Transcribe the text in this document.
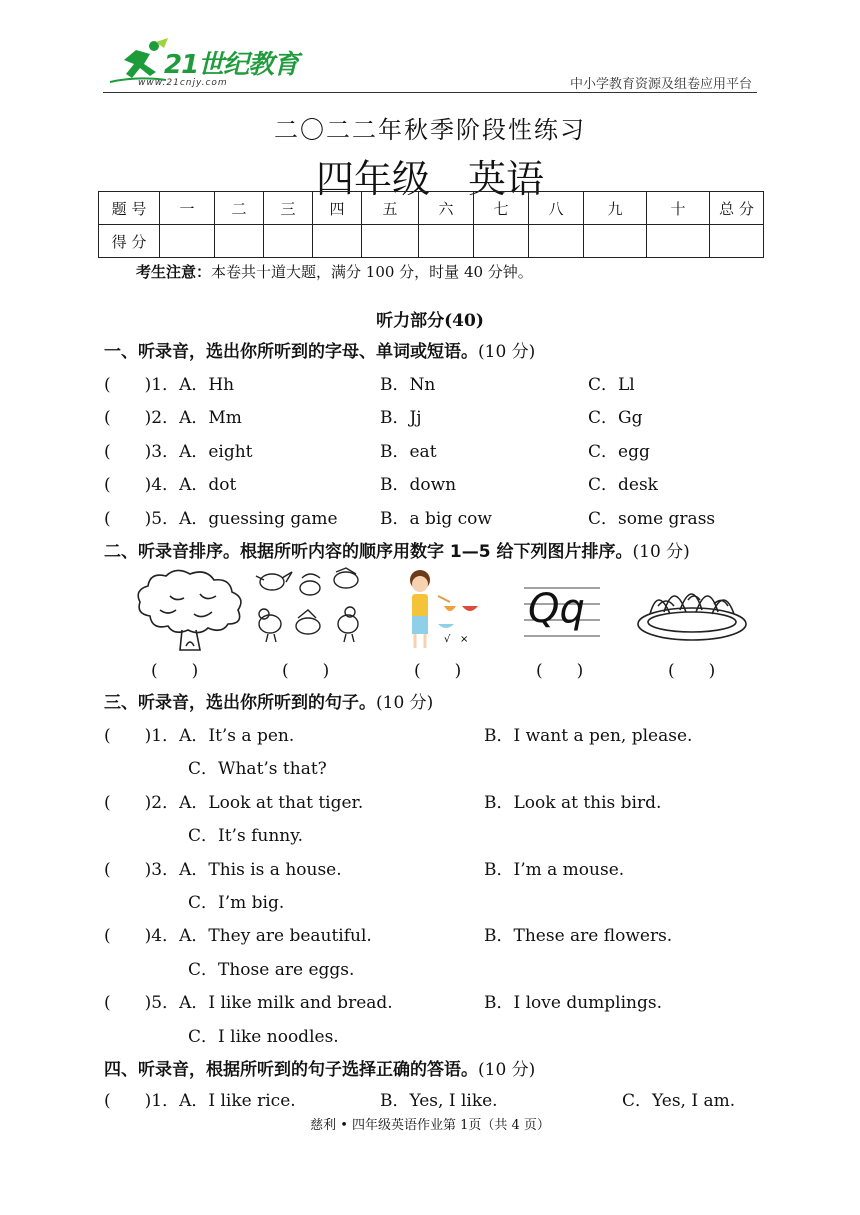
21世纪教育
www.21cnjy.com	中小学教育资源及组卷应用平台
二〇二二年秋季阶段性练习
四年级　英语
题 号	一	二	三	四	五	六	七	八	九	十	总 分
得 分											
考生注意：本卷共十道大题，满分 100 分，时量 40 分钟。
听力部分(40)
一、听录音，选出你所听到的字母、单词或短语。(10 分)
(　　)1．A．Hh	B．Nn	C．Ll
(　　)2．A．Mm	B．Jj	C．Gg
(　　)3．A．eight	B．eat	C．egg
(　　)4．A．dot	B．down	C．desk
(　　)5．A．guessing game B．a big cow	C．some grass
二、听录音排序。根据所听内容的顺序用数字 1—5 给下列图片排序。(10 分)
√ ×
Qq
(　　)	(　　)	(　　)	(　　)	(　　)
三、听录音，选出你所听到的句子。(10 分)
(　　)1．A．It’s a pen.	B．I want a pen, please.
C．What’s that?
(　　)2．A．Look at that tiger.	B．Look at this bird.
C．It’s funny.
(　　)3．A．This is a house.	B．I’m a mouse.
C．I’m big.
(　　)4．A．They are beautiful.	B．These are flowers.
C．Those are eggs.
(　　)5．A．I like milk and bread.	B．I love dumplings.
C．I like noodles.
四、听录音，根据所听到的句子选择正确的答语。(10 分)
(　　)1．A．I like rice.	B．Yes, I like.	C．Yes, I am.
慈利 • 四年级英语作业第 1页（共 4 页）
